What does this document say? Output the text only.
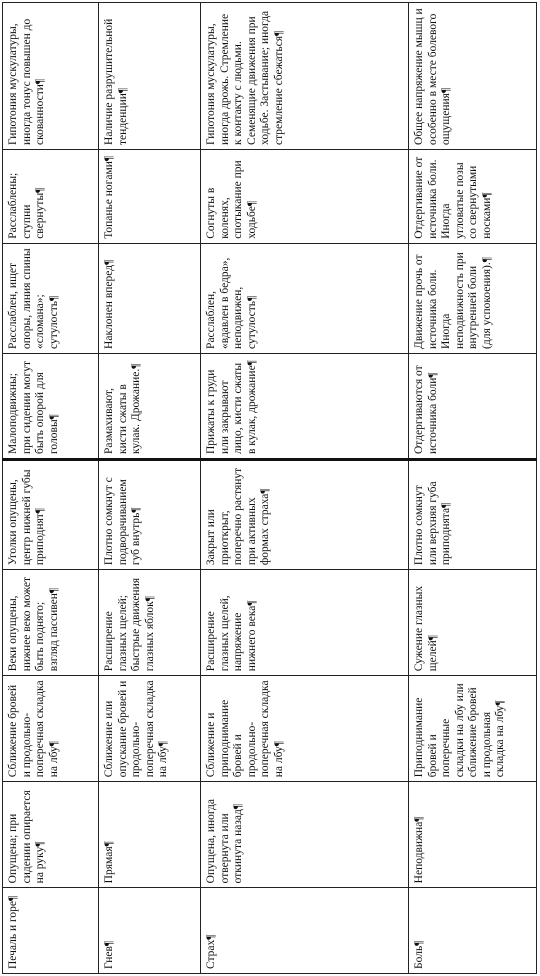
Печаль и горе ¶	Опущена; при сидении опирается на руку ¶	Сближение бровей и продольно-поперечная складка на лбу ¶	Веки опущены, нижнее веко может быть поднято; взгляд пассивен ¶	Уголки опущены, центр нижней губы приподнят ¶	Малоподвижны; при сидении могут быть опорой для головы ¶	Расслаблен, ищет опоры, линия спины «сломана»; сутулость ¶	Расслаблены; ступни свернуты ¶	Гипотония мускулатуры, иногда тонус повышен до скованности ¶
Гнев ¶	Прямая ¶	Сближение или опускание бровей и продольно-поперечная складка на лбу ¶	Расширение глазных щелей; быстрые движения глазных яблок ¶	Плотно сомкнут с подворачиванием губ внутрь ¶	Размахивают, кисти сжаты в кулак. Дрожание. ¶	Наклонен вперед ¶	Топанье ногами ¶	Наличие разрушительной тенденции ¶
Страх ¶	Опущена, иногда отвернута или откинута назад ¶	Сближение и приподнимание бровей и продольно-поперечная складка на лбу ¶	Расширение глазных щелей, напряжение нижнего века ¶	Закрыт или приоткрыт, поперечно растянут при активных формах страха ¶	Прижаты к груди или закрывают лицо, кисти сжаты в кулак, дрожание ¶	Расслаблен, «вдавлен в бедра», неподвижен, сутулость ¶	Согнуты в коленях, спотыкание при ходьбе ¶	Гипотония мускулатуры, иногда дрожь. Стремление к контакту с людьми. Семенящие движения при ходьбе. Застывание; иногда стремление сбежаться ¶
Боль ¶	Неподвижна ¶	Приподнимание бровей и поперечные складки на лбу или сближение бровей и продольная складка на лбу ¶	Сужение глазных щелей ¶	Плотно сомкнут или верхняя губа приподнята ¶	Отдергиваются от источника боли ¶	Движение прочь от источника боли. Иногда неподвижность при внутренней боли (для успокоения). ¶	Отдергивание от источника боли. Иногда угловатые позы со свернутыми носками ¶	Общее напряжение мышц и особенно в месте болевого ощущения ¶
